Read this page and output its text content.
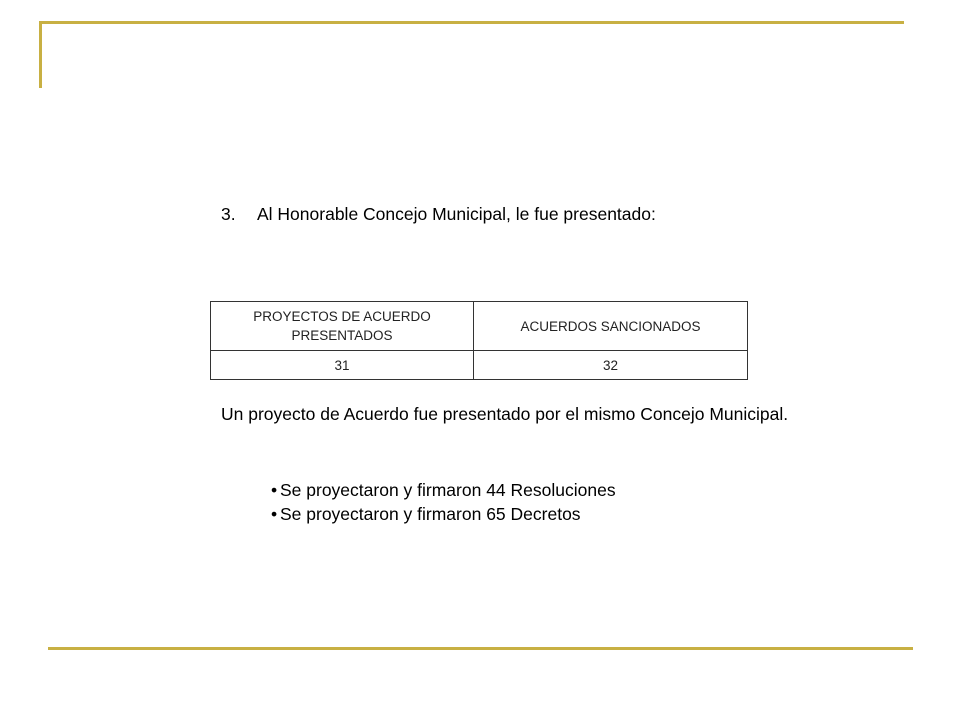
3. Al Honorable Concejo Municipal, le fue presentado:
PROYECTOS DE ACUERDO PRESENTADOS	ACUERDOS SANCIONADOS
31	32
Un proyecto de Acuerdo fue presentado por el mismo Concejo Municipal.
• Se proyectaron y firmaron 44 Resoluciones
• Se proyectaron y firmaron 65 Decretos
